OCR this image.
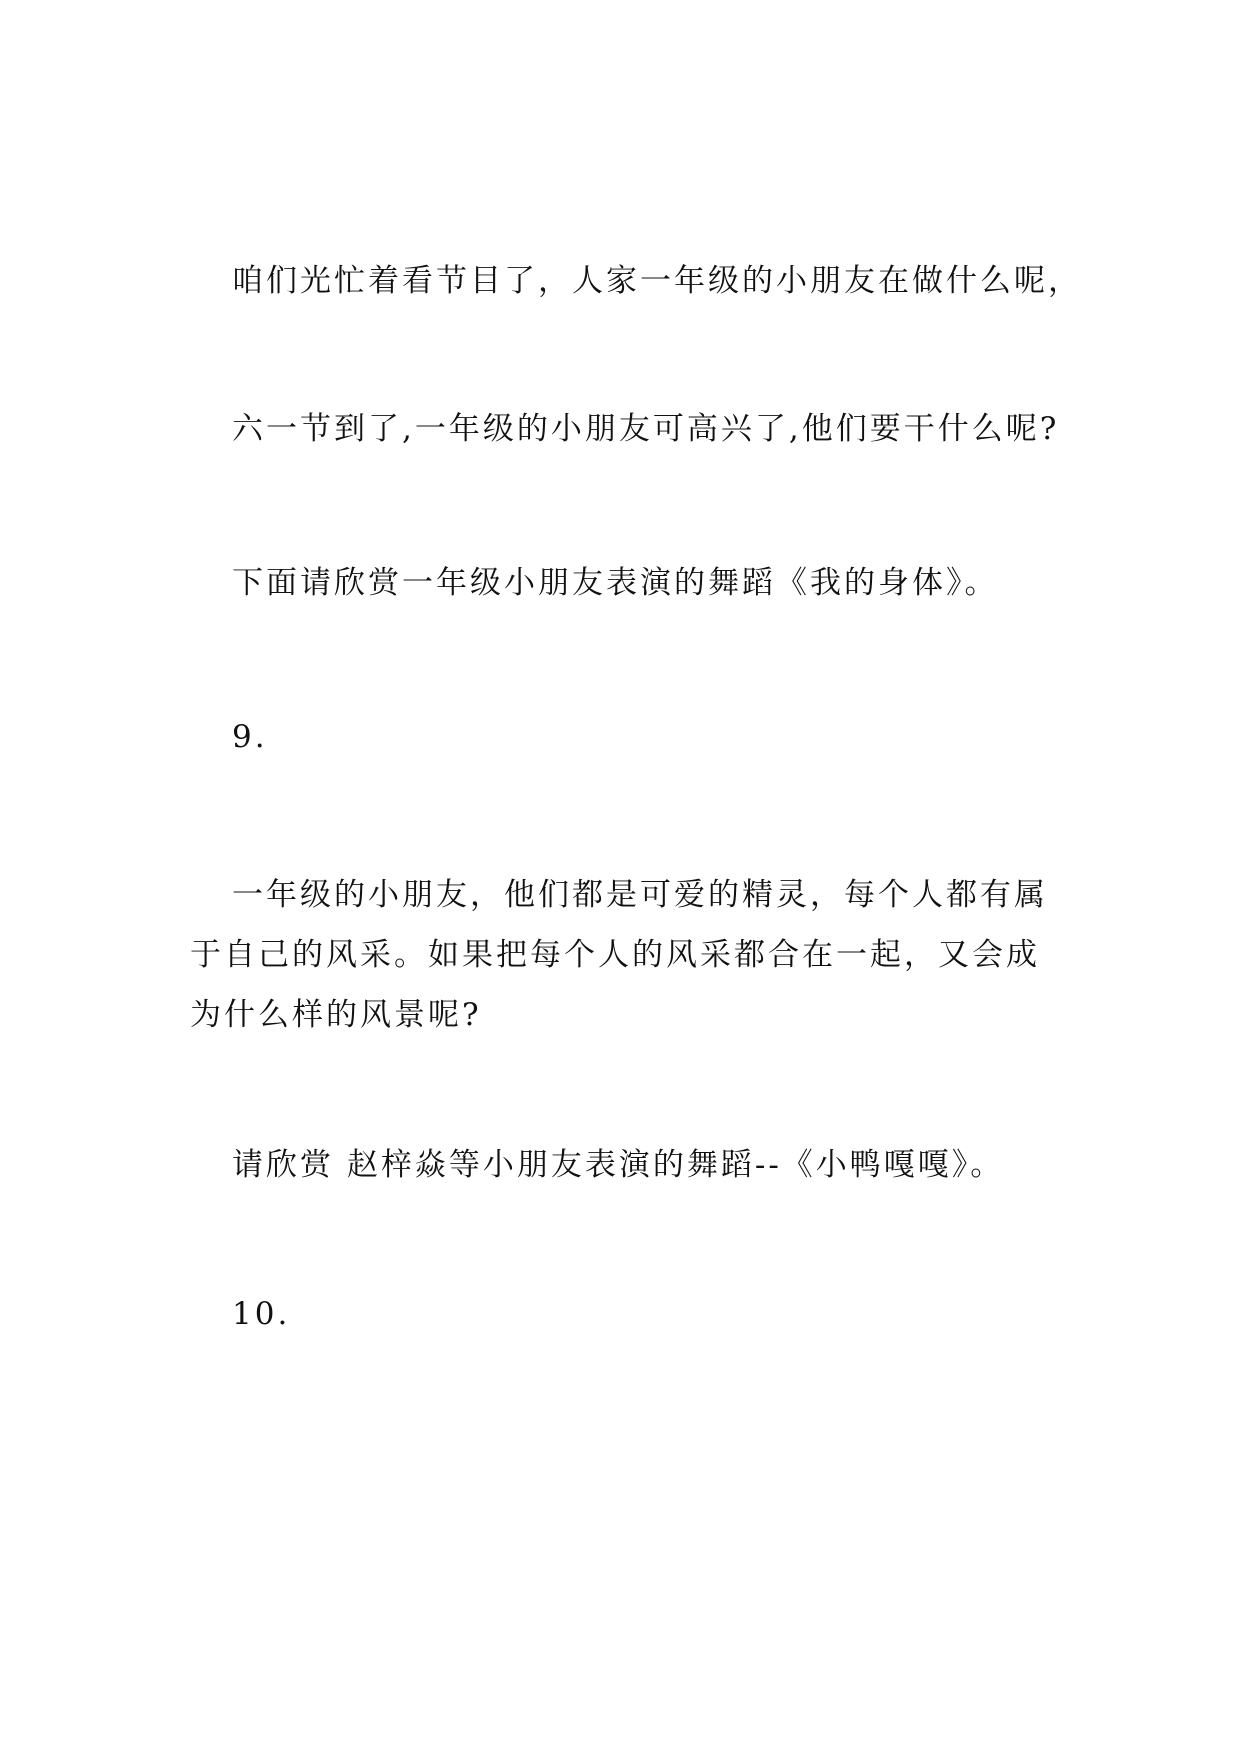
咱们光忙着看节目了，人家一年级的小朋友在做什么呢，

六一节到了,一年级的小朋友可高兴了,他们要干什么呢?

下面请欣赏一年级小朋友表演的舞蹈《我的身体》。

9.

一年级的小朋友，他们都是可爱的精灵，每个人都有属于自己的风采。如果把每个人的风采都合在一起，又会成为什么样的风景呢?

请欣赏 赵梓焱等小朋友表演的舞蹈--《小鸭嘎嘎》。

10.
